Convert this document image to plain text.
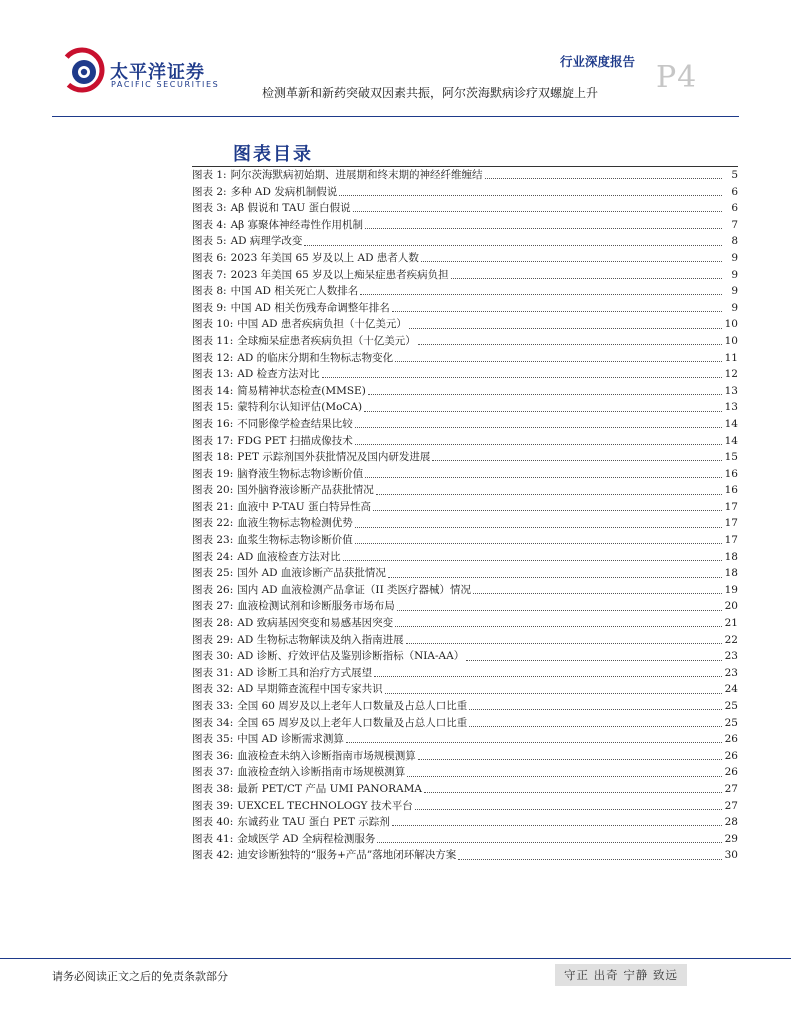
太平洋证券
PACIFIC SECURITIES
行业深度报告
检测革新和新药突破双因素共振，阿尔茨海默病诊疗双螺旋上升 P4
图表目录
图表 1: 阿尔茨海默病初始期、进展期和终末期的神经纤维缠结	5
图表 2: 多种 AD 发病机制假说	6
图表 3: Aβ 假说和 TAU 蛋白假说	6
图表 4: Aβ 寡聚体神经毒性作用机制	7
图表 5: AD 病理学改变	8
图表 6: 2023 年美国 65 岁及以上 AD 患者人数	9
图表 7: 2023 年美国 65 岁及以上痴呆症患者疾病负担	9
图表 8: 中国 AD 相关死亡人数排名	9
图表 9: 中国 AD 相关伤残寿命调整年排名	9
图表 10: 中国 AD 患者疾病负担（十亿美元）	10
图表 11: 全球痴呆症患者疾病负担（十亿美元）	10
图表 12: AD 的临床分期和生物标志物变化	11
图表 13: AD 检查方法对比	12
图表 14: 简易精神状态检查(MMSE)	13
图表 15: 蒙特利尔认知评估(MoCA)	13
图表 16: 不同影像学检查结果比较	14
图表 17: FDG PET 扫描成像技术	14
图表 18: PET 示踪剂国外获批情况及国内研发进展	15
图表 19: 脑脊液生物标志物诊断价值	16
图表 20: 国外脑脊液诊断产品获批情况	16
图表 21: 血液中 P-TAU 蛋白特异性高	17
图表 22: 血液生物标志物检测优势	17
图表 23: 血浆生物标志物诊断价值	17
图表 24: AD 血液检查方法对比	18
图表 25: 国外 AD 血液诊断产品获批情况	18
图表 26: 国内 AD 血液检测产品拿证（II 类医疗器械）情况	19
图表 27: 血液检测试剂和诊断服务市场布局	20
图表 28: AD 致病基因突变和易感基因突变	21
图表 29: AD 生物标志物解读及纳入指南进展	22
图表 30: AD 诊断、疗效评估及鉴别诊断指标（NIA-AA）	23
图表 31: AD 诊断工具和治疗方式展望	23
图表 32: AD 早期筛查流程中国专家共识	24
图表 33: 全国 60 周岁及以上老年人口数量及占总人口比重	25
图表 34: 全国 65 周岁及以上老年人口数量及占总人口比重	25
图表 35: 中国 AD 诊断需求测算	26
图表 36: 血液检查未纳入诊断指南市场规模测算	26
图表 37: 血液检查纳入诊断指南市场规模测算	26
图表 38: 最新 PET/CT 产品 UMI PANORAMA	27
图表 39: UEXCEL TECHNOLOGY 技术平台	27
图表 40: 东诚药业 TAU 蛋白 PET 示踪剂	28
图表 41: 金域医学 AD 全病程检测服务	29
图表 42: 迪安诊断独特的“服务+产品”落地闭环解决方案	30
请务必阅读正文之后的免责条款部分	守正 出奇 宁静 致远
